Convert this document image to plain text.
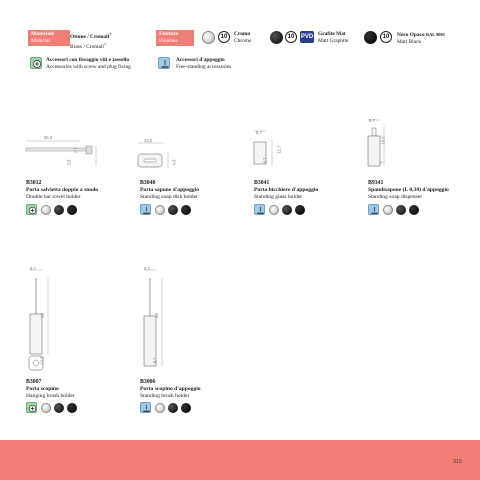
Materiale
Material
Ottone / Cromall®
Brass / Cromall®
Finiture
Finishes
10	Cromo
Chrome
10	PVD Grafite Mat
Matt Graphite
10	Nero Opaco RAL 9005
Matt Black
Accessori con fissaggio viti e tassello
Accessories with screw and plug fixing
Accessori d'appoggio
Free-standing accessories
35,2
2,8
7,7
B3012
Porta salvietta doppio a snodo
Double bar towel holder
13,2
4,8
B3040
Porta sapone d'appoggio
Standing soap dish holder
8,7
11,7
8,7
B3041
Porta bicchiere d'appoggio
Standing glass holder
6,7
18,6
6
B9341
Spandisapone (L 0,30) d'appoggio
Standing soap dispenser
8,7
49
10,5
B3007
Porta scopino
Hanging brush holder
8,7
49
8,7
B3006
Porta scopino d'appoggio
Standing brush holder
315
